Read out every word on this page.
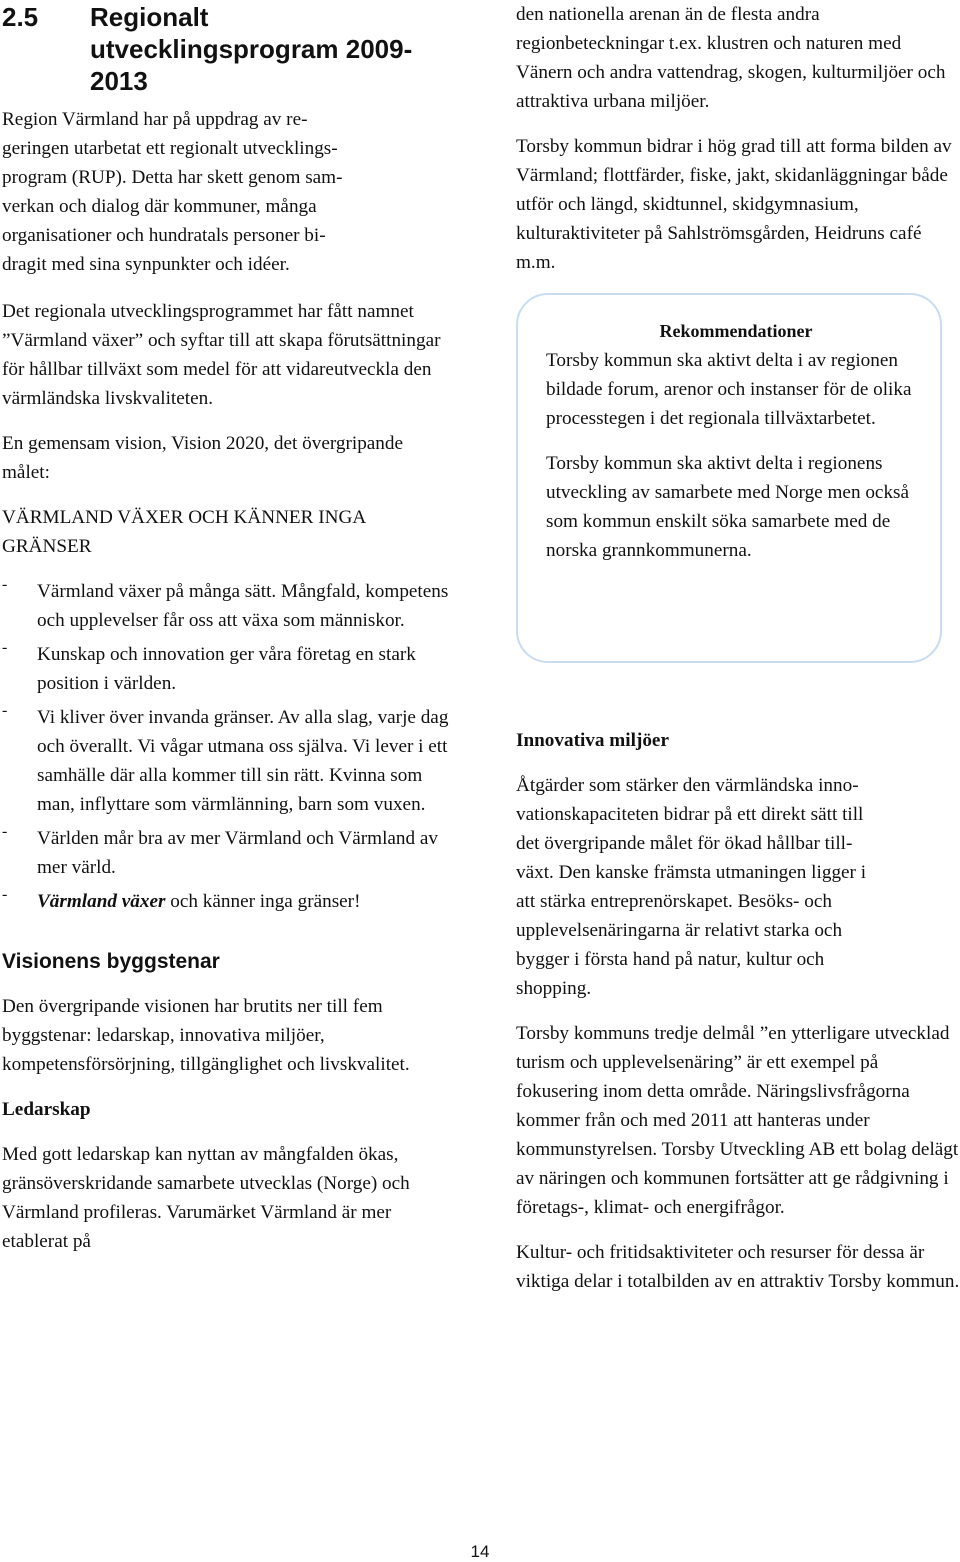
2.5	Regionalt
utvecklingsprogram 2009-
2013

Region Värmland har på uppdrag av re-
geringen utarbetat ett regionalt utvecklings-
program (RUP). Detta har skett genom sam-
verkan och dialog där kommuner, många
organisationer och hundratals personer bi-
dragit med sina synpunkter och idéer.

Det regionala utvecklingsprogrammet har fått namnet ”Värmland växer” och syftar till att skapa förutsättningar för hållbar tillväxt som medel för att vidareutveckla den värmländska livskvaliteten.

En gemensam vision, Vision 2020, det övergripande målet:

VÄRMLAND VÄXER OCH KÄNNER INGA GRÄNSER

- Värmland växer på många sätt. Mångfald, kompetens och upplevelser får oss att växa som människor.
- Kunskap och innovation ger våra företag en stark position i världen.
- Vi kliver över invanda gränser. Av alla slag, varje dag och överallt. Vi vågar utmana oss själva. Vi lever i ett samhälle där alla kommer till sin rätt. Kvinna som man, inflyttare som värmlänning, barn som vuxen.
- Världen mår bra av mer Värmland och Värmland av mer värld.
- Värmland växer och känner inga gränser!
Visionens byggstenar

Den övergripande visionen har brutits ner till fem byggstenar: ledarskap, innovativa miljöer, kompetensförsörjning, tillgänglighet och livskvalitet.

Ledarskap

Med gott ledarskap kan nyttan av mångfalden ökas, gränsöverskridande samarbete utvecklas (Norge) och Värmland profileras. Varumärket Värmland är mer etablerat på

den nationella arenan än de flesta andra regionbeteckningar t.ex. klustren och naturen med Vänern och andra vattendrag, skogen, kulturmiljöer och attraktiva urbana miljöer.

Torsby kommun bidrar i hög grad till att forma bilden av Värmland; flottfärder, fiske, jakt, skidanläggningar både utför och längd, skidtunnel, skidgymnasium, kulturaktiviteter på Sahlströmsgården, Heidruns café m.m.

Rekommendationer

Torsby kommun ska aktivt delta i av regionen bildade forum, arenor och instanser för de olika processtegen i det regionala tillväxtarbetet.

Torsby kommun ska aktivt delta i regionens utveckling av samarbete med Norge men också som kommun enskilt söka samarbete med de norska grannkommunerna.

Innovativa miljöer

Åtgärder som stärker den värmländska inno-
vationskapaciteten bidrar på ett direkt sätt till
det övergripande målet för ökad hållbar till-
växt. Den kanske främsta utmaningen ligger i
att stärka entreprenörskapet. Besöks- och
upplevelsenäringarna är relativt starka och
bygger i första hand på natur, kultur och
shopping.

Torsby kommuns tredje delmål ”en ytterligare utvecklad turism och upplevelsenäring” är ett exempel på fokusering inom detta område. Näringslivsfrågorna kommer från och med 2011 att hanteras under kommunstyrelsen. Torsby Utveckling AB ett bolag delägt av näringen och kommunen fortsätter att ge rådgivning i företags-, klimat- och energifrågor.

Kultur- och fritidsaktiviteter och resurser för dessa är viktiga delar i totalbilden av en attraktiv Torsby kommun.

14
